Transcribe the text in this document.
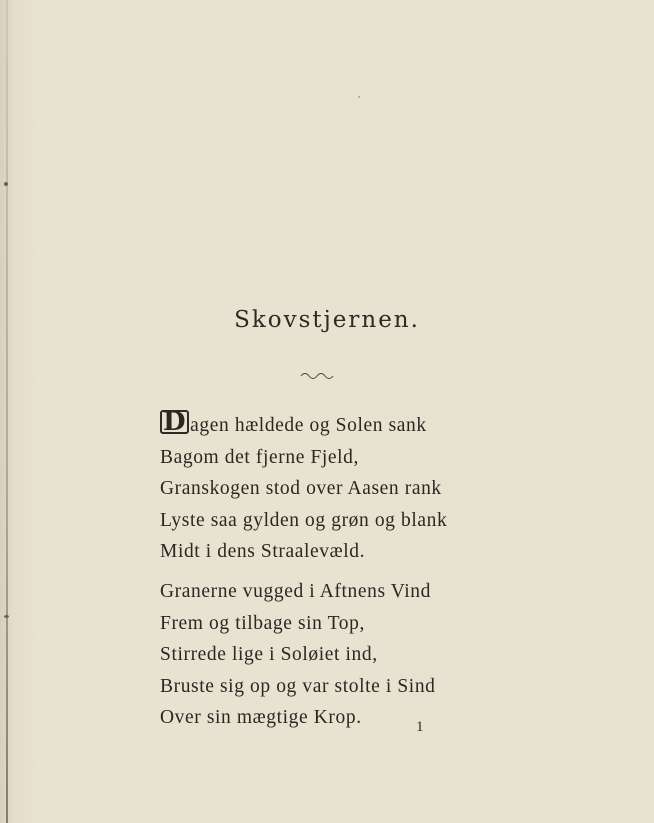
Skovstjernen.
D agen hældede og Solen sank
Bagom det fjerne Fjeld,
Granskogen stod over Aasen rank
Lyste saa gylden og grøn og blank
Midt i dens Straalevæld.
Granerne vugged i Aftnens Vind
Frem og tilbage sin Top,
Stirrede lige i Soløiet ind,
Bruste sig op og var stolte i Sind
Over sin mægtige Krop.	1
